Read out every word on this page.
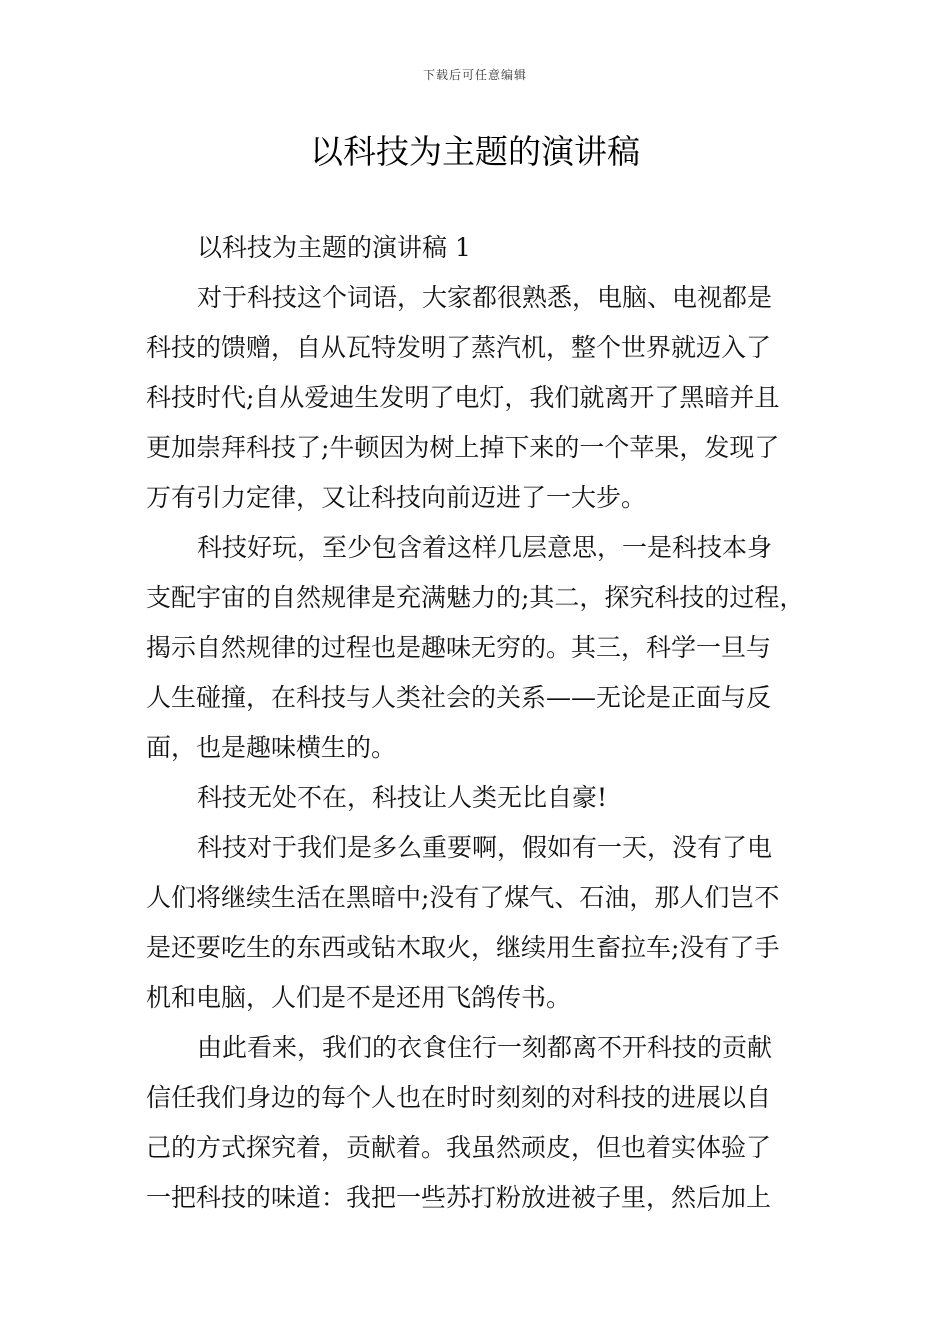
下载后可任意编辑
以科技为主题的演讲稿
以科技为主题的演讲稿 1
对于科技这个词语，大家都很熟悉，电脑、电视都是
科技的馈赠，自从瓦特发明了蒸汽机，整个世界就迈入了
科技时代;自从爱迪生发明了电灯，我们就离开了黑暗并且
更加崇拜科技了;牛顿因为树上掉下来的一个苹果，发现了
万有引力定律，又让科技向前迈进了一大步。
科技好玩，至少包含着这样几层意思，一是科技本身
支配宇宙的自然规律是充满魅力的;其二，探究科技的过程，
揭示自然规律的过程也是趣味无穷的。其三，科学一旦与
人生碰撞，在科技与人类社会的关系——无论是正面与反
面，也是趣味横生的。
科技无处不在，科技让人类无比自豪!
科技对于我们是多么重要啊，假如有一天，没有了电
人们将继续生活在黑暗中;没有了煤气、石油，那人们岂不
是还要吃生的东西或钻木取火，继续用生畜拉车;没有了手
机和电脑，人们是不是还用飞鸽传书。
由此看来，我们的衣食住行一刻都离不开科技的贡献
信任我们身边的每个人也在时时刻刻的对科技的进展以自
己的方式探究着，贡献着。我虽然顽皮，但也着实体验了
一把科技的味道：我把一些苏打粉放进被子里，然后加上
